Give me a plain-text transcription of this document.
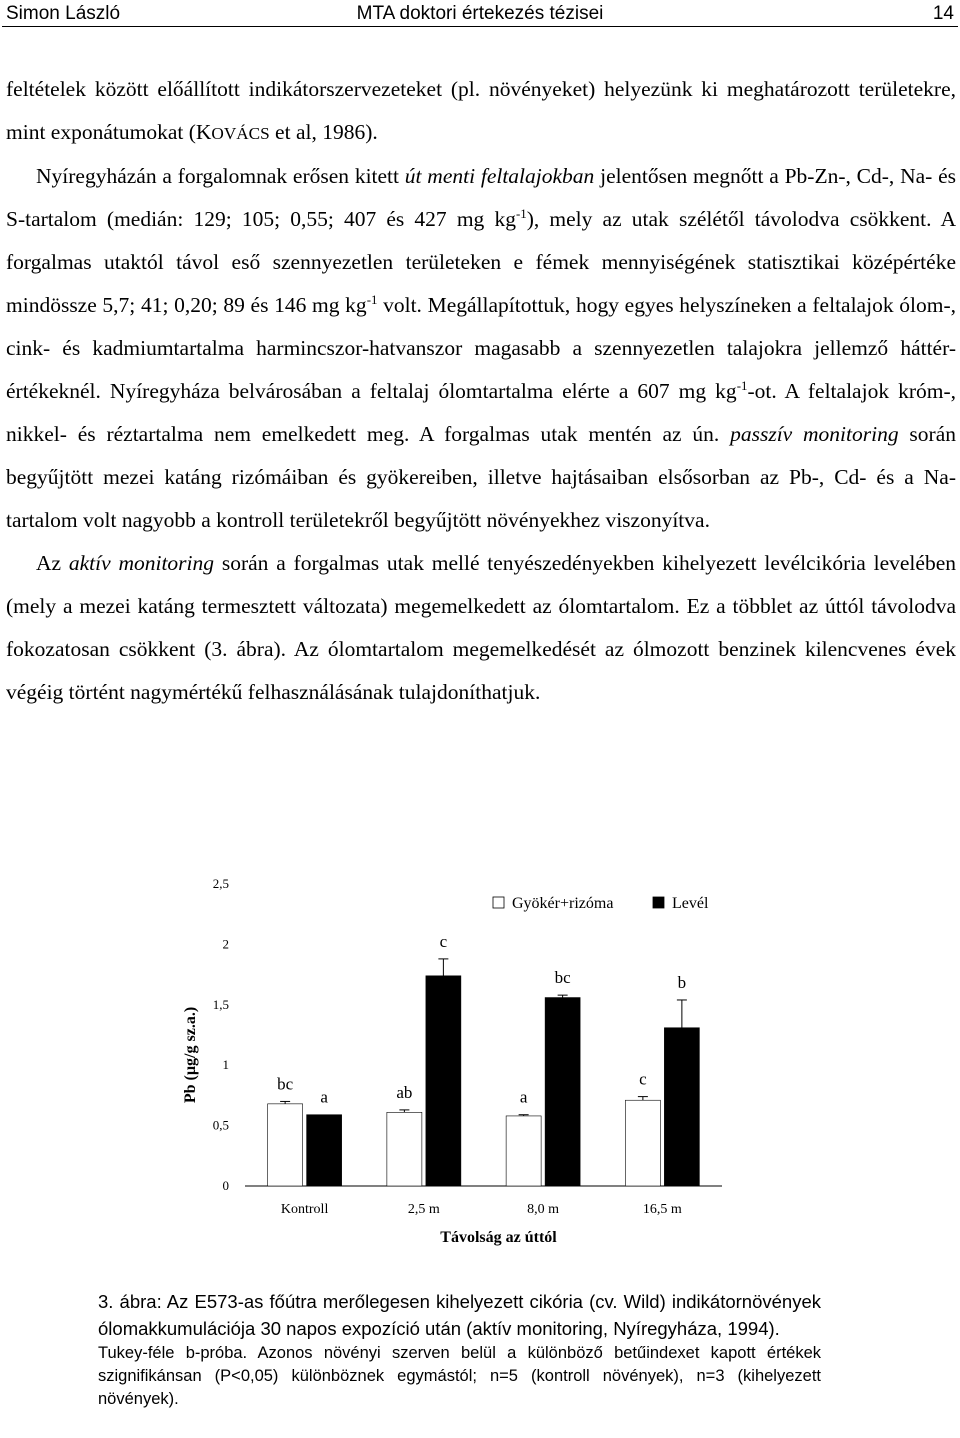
Simon László	MTA doktori értekezés tézisei	14

feltételek között előállított indikátorszervezeteket (pl. növényeket) helyezünk ki meghatározott területekre, mint exponátumokat (KOVÁCS et al, 1986).

Nyíregyházán a forgalomnak erősen kitett út menti feltalajokban jelentősen megnőtt a Pb-Zn-, Cd-, Na- és S-tartalom (medián: 129; 105; 0,55; 407 és 427 mg $kg^{-1}$), mely az utak szélétől távolodva csökkent. A forgalmas utaktól távol eső szennyezetlen területeken e fémek mennyiségének statisztikai középértéke mindössze 5,7; 41; 0,20; 89 és 146 mg $kg^{-1}$ volt. Megállapítottuk, hogy egyes helyszíneken a feltalajok ólom-, cink- és kadmiumtartalma harmincszor-hatvanszor magasabb a szennyezetlen talajokra jellemző háttér-értékeknél. Nyíregyháza belvárosában a feltalaj ólomtartalma elérte a 607 mg $kg^{-1}-ot$. A feltalajok króm-, nikkel- és réztartalma nem emelkedett meg. A forgalmas utak mentén az ún. passzív monitoring során begyűjtött mezei katáng rizómáiban és gyökereiben, illetve hajtásaiban elsősorban az Pb-, Cd- és a Na-tartalom volt nagyobb a kontroll területekről begyűjtött növényekhez viszonyítva.

Az aktív monitoring során a forgalmas utak mellé tenyészedényekben kihelyezett levélcikória levelében (mely a mezei katáng termesztett változata) megemelkedett az ólomtartalom. Ez a többlet az úttól távolodva fokozatosan csökkent (3. ábra). Az ólomtartalom megemelkedését az ólmozott benzinek kilencvenes évek végéig történt nagymértékű felhasználásának tulajdoníthatjuk.

0
0,5
1
1,5
2
2,5
Pb (µg/g sz.a.)
Kontroll	2,5 m	8,0 m	16,5 m
Távolság az úttól
bc	ab	a
c
a
c
bc	b
Gyökér+rizóma	Levél

3. ábra: Az E573-as főútra merőlegesen kihelyezett cikória (cv. Wild) indikátornövények ólomakkumulációja 30 napos expozíció után (aktív monitoring, Nyíregyháza, 1994).

Tukey-féle b-próba. Azonos növényi szerven belül a különböző betűindexet kapott értékek szignifikánsan (P<0,05) különböznek egymástól; n=5 (kontroll növények), n=3 (kihelyezett növények).
